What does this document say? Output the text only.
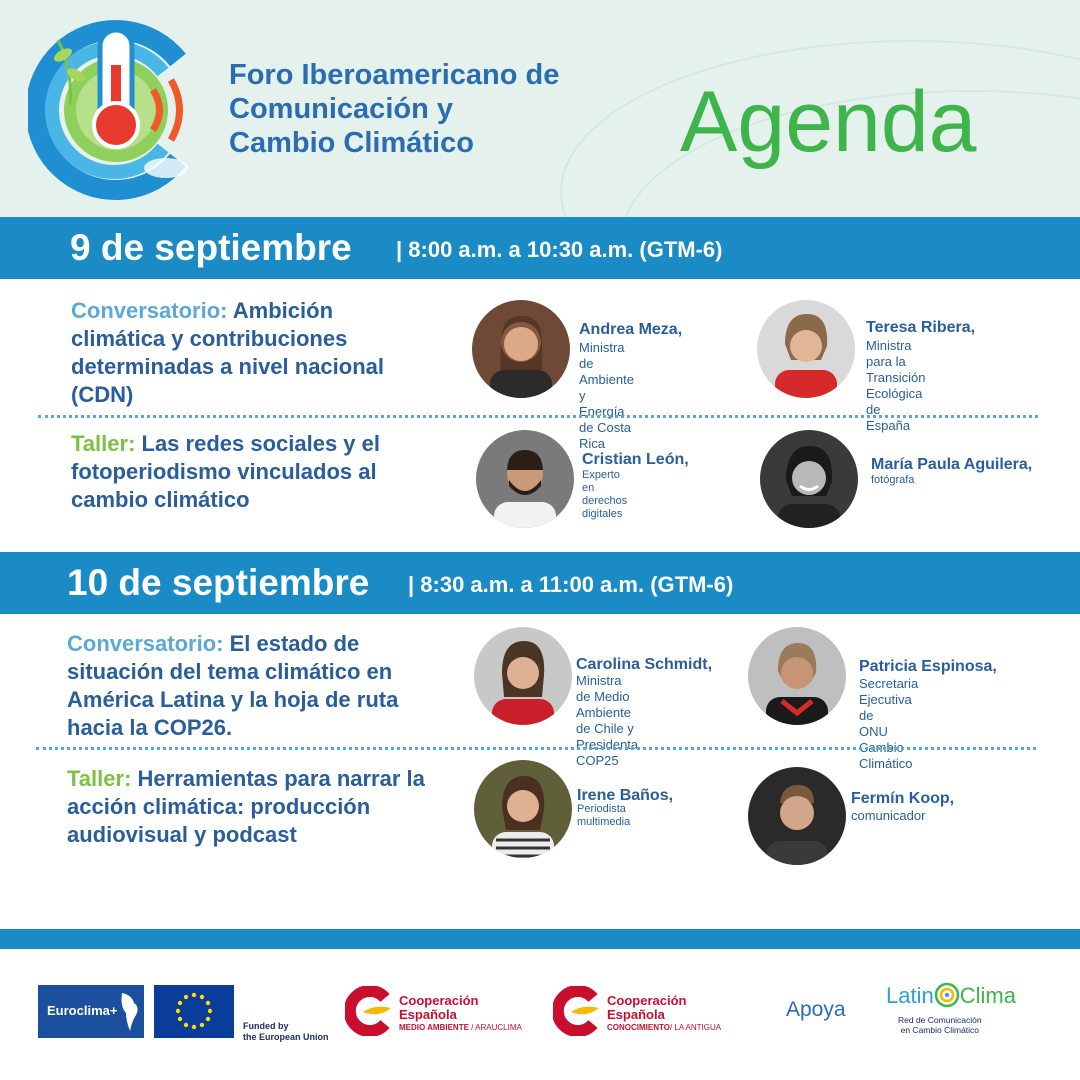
Foro Iberoamericano de
Comunicación y
Cambio Climático	Agenda
9 de septiembre | 8:00 a.m. a 10:30 a.m. (GTM-6)

Conversatorio: Ambición climática y contribuciones determinadas a nivel nacional (CDN)

Andrea Meza,
Ministra de Ambiente y
Energía de Costa Rica
Teresa Ribera,
Ministra para la
Transición Ecológica
de España

Taller: Las redes sociales y el fotoperiodismo vinculados al cambio climático

Cristian León,
Experto en derechos digitales
María Paula Aguilera,
fotógrafa
10 de septiembre | 8:30 a.m. a 11:00 a.m. (GTM-6)

Conversatorio: El estado de situación del tema climático en América Latina y la hoja de ruta hacia la COP26.

Carolina Schmidt,
Ministra de Medio
Ambiente de Chile y
Presidenta COP25
Patricia Espinosa,
Secretaria Ejecutiva de
ONU Cambio Climático

Taller: Herramientas para narrar la acción climática: producción audiovisual y podcast

Irene Baños,
Periodista multimedia
Fermín Koop,
comunicador
Euroclima+
Funded by
the European Union
Cooperación
Española
MEDIO AMBIENTE / ARAUCLIMA
Cooperación
Española
CONOCIMIENTO/ LA ANTIGUA
Apoya
Latin Clima
Red de Comunicación
en Cambio Climático
